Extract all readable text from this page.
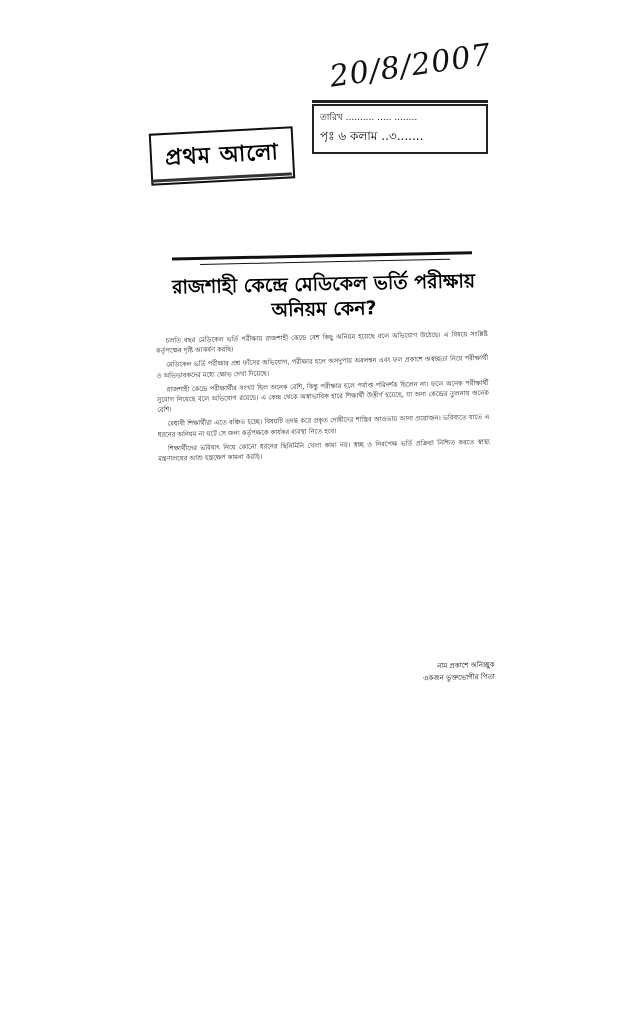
20/8/2007
তারিখ .......... ..... ........
পৃঃ ৬ কলাম ..৩.......
প্রথম আলো
রাজশাহী কেন্দ্রে মেডিকেল ভর্তি পরীক্ষায় অনিয়ম কেন?

চলতি বছর মেডিকেল ভর্তি পরীক্ষায় রাজশাহী কেন্দ্রে বেশ কিছু অনিয়ম হয়েছে বলে অভিযোগ উঠেছে। এ বিষয়ে সংশ্লিষ্ট কর্তৃপক্ষের দৃষ্টি আকর্ষণ করছি।

মেডিকেল ভর্তি পরীক্ষার প্রশ্ন ফাঁসের অভিযোগ, পরীক্ষার হলে অসদুপায় অবলম্বন এবং ফল প্রকাশে অস্বচ্ছতা নিয়ে পরীক্ষার্থী ও অভিভাবকদের মধ্যে ক্ষোভ দেখা দিয়েছে।

রাজশাহী কেন্দ্রে পরীক্ষার্থীর সংখ্যা ছিল অনেক বেশি, কিন্তু পরীক্ষার হলে পর্যাপ্ত পরিদর্শক ছিলেন না। ফলে অনেক পরীক্ষার্থী সুযোগ নিয়েছে বলে অভিযোগ রয়েছে। এ কেন্দ্র থেকে অস্বাভাবিক হারে শিক্ষার্থী উত্তীর্ণ হয়েছে, যা অন্য কেন্দ্রের তুলনায় অনেক বেশি।

মেধাবী শিক্ষার্থীরা এতে বঞ্চিত হচ্ছে। বিষয়টি তদন্ত করে প্রকৃত দোষীদের শাস্তির আওতায় আনা প্রয়োজন। ভবিষ্যতে যাতে এ ধরনের অনিয়ম না ঘটে সে জন্য কর্তৃপক্ষকে কার্যকর ব্যবস্থা নিতে হবে।

শিক্ষার্থীদের ভবিষ্যৎ নিয়ে কোনো ধরনের ছিনিমিনি খেলা কাম্য নয়। স্বচ্ছ ও নিরপেক্ষ ভর্তি প্রক্রিয়া নিশ্চিত করতে স্বাস্থ্য মন্ত্রণালয়ের আশু হস্তক্ষেপ কামনা করছি।

নাম প্রকাশে অনিচ্ছুক
একজন ভুক্তভোগীর পিতা
